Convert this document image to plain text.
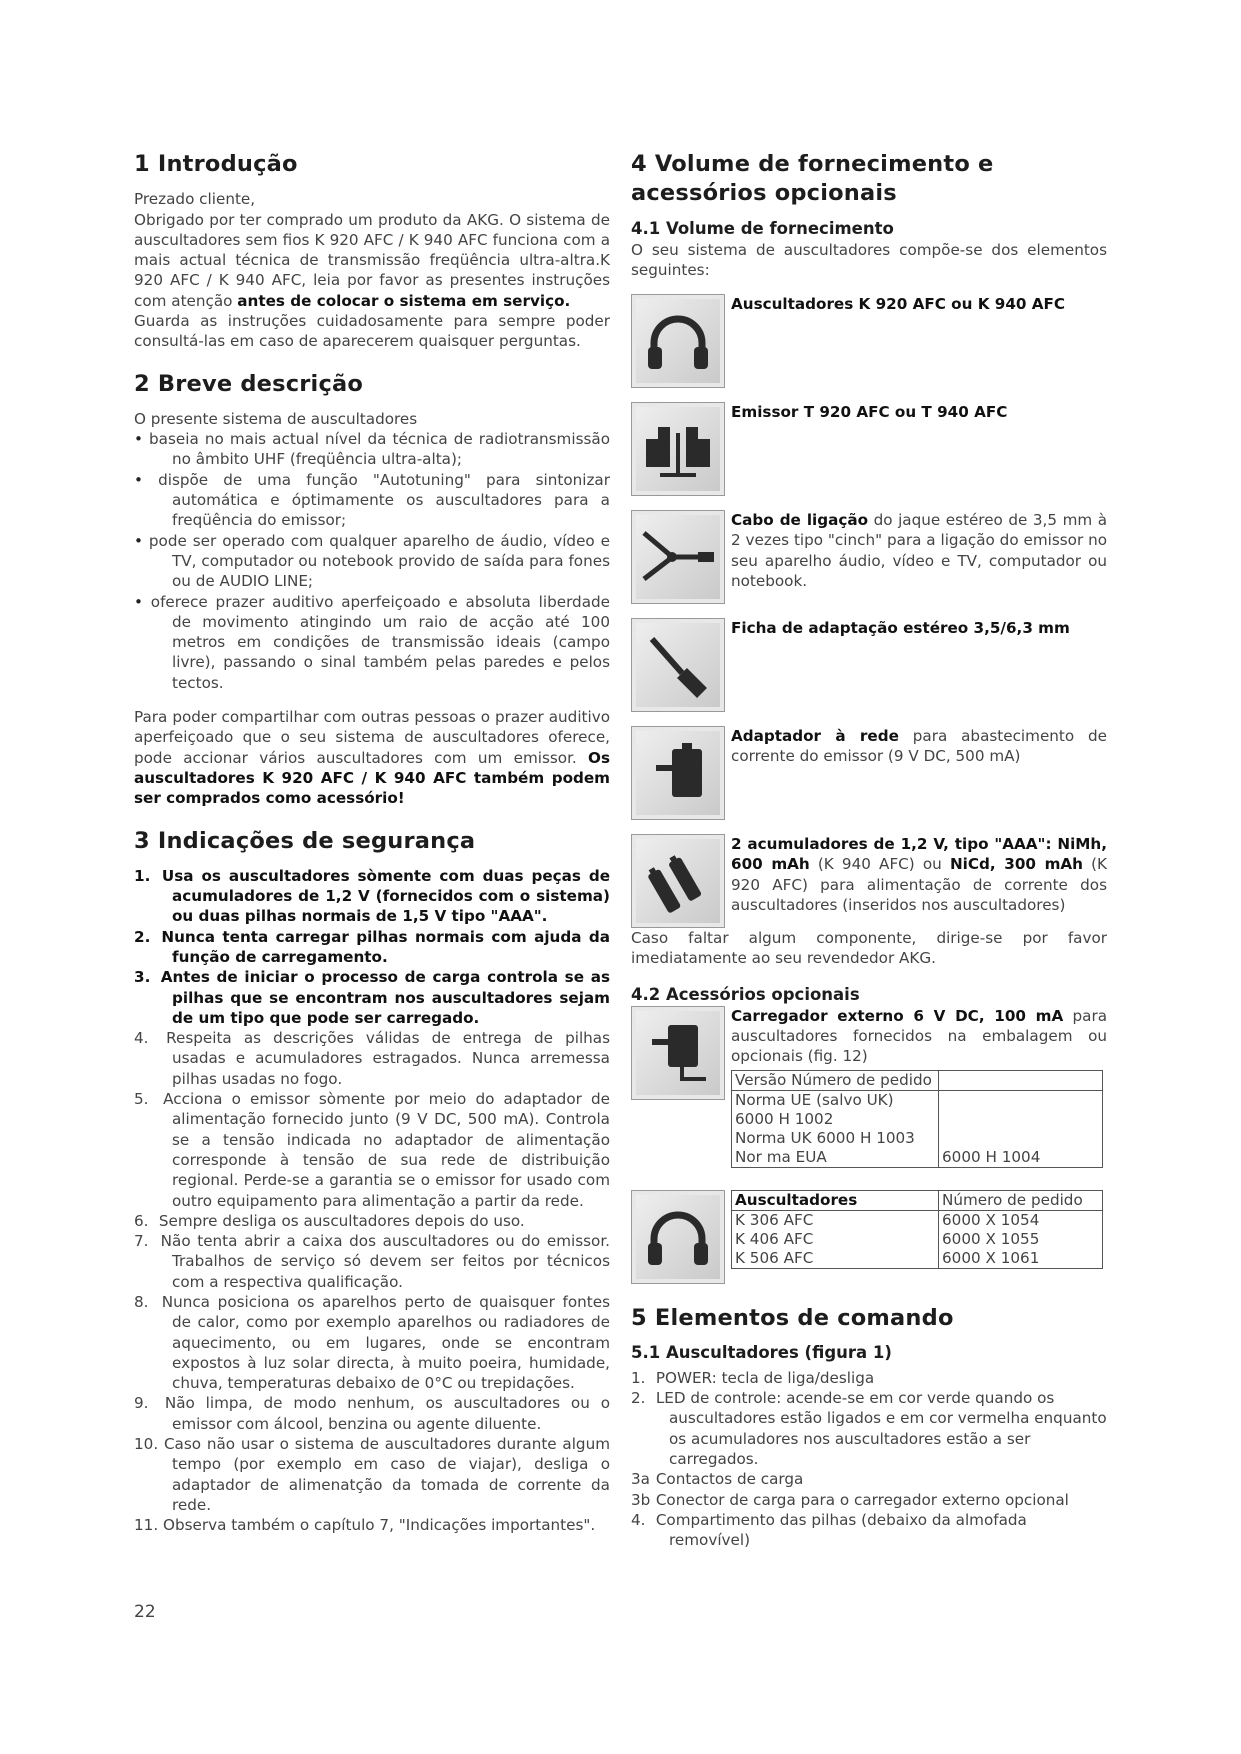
1 Introdução

Prezado cliente,

Obrigado por ter comprado um produto da AKG. O sistema de auscultadores sem fios K 920 AFC / K 940 AFC funciona com a mais actual técnica de transmissão freqüência ultra-altra.K 920 AFC / K 940 AFC, leia por favor as presentes instruções com atenção antes de colocar o sistema em serviço.

Guarda as instruções cuidadosamente para sempre poder consultá-las em caso de aparecerem quaisquer perguntas.

2 Breve descrição

O presente sistema de auscultadores

• baseia no mais actual nível da técnica de radiotransmissão no âmbito UHF (freqüência ultra-alta);
• dispõe de uma função "Autotuning" para sintonizar automática e óptimamente os auscultadores para a freqüência do emissor;
• pode ser operado com qualquer aparelho de áudio, vídeo e TV, computador ou notebook provido de saída para fones ou de AUDIO LINE;
• oferece prazer auditivo aperfeiçoado e absoluta liberdade de movimento atingindo um raio de acção até 100 metros em condições de transmissão ideais (campo livre), passando o sinal também pelas paredes e pelos tectos.

Para poder compartilhar com outras pessoas o prazer auditivo aperfeiçoado que o seu sistema de auscultadores oferece, pode accionar vários auscultadores com um emissor. Os auscultadores K 920 AFC / K 940 AFC também podem ser comprados como acessório!

3 Indicações de segurança
1. Usa os auscultadores sòmente com duas peças de acumuladores de 1,2 V (fornecidos com o sistema) ou duas pilhas normais de 1,5 V tipo "AAA".
2. Nunca tenta carregar pilhas normais com ajuda da função de carregamento.
3. Antes de iniciar o processo de carga controla se as pilhas que se encontram nos auscultadores sejam de um tipo que pode ser carregado.
4. Respeita as descrições válidas de entrega de pilhas usadas e acumuladores estragados. Nunca arremessa pilhas usadas no fogo.
5. Acciona o emissor sòmente por meio do adaptador de alimentação fornecido junto (9 V DC, 500 mA). Controla se a tensão indicada no adaptador de alimentação corresponde à tensão de sua rede de distribuição regional. Perde-se a garantia se o emissor for usado com outro equipamento para alimentação a partir da rede.
6. Sempre desliga os auscultadores depois do uso.
7. Não tenta abrir a caixa dos auscultadores ou do emissor. Trabalhos de serviço só devem ser feitos por técnicos com a respectiva qualificação.
8. Nunca posiciona os aparelhos perto de quaisquer fontes de calor, como por exemplo aparelhos ou radiadores de aquecimento, ou em lugares, onde se encontram expostos à luz solar directa, à muito poeira, humidade, chuva, temperaturas debaixo de 0°C ou trepidações.
9. Não limpa, de modo nenhum, os auscultadores ou o emissor com álcool, benzina ou agente diluente.
10. Caso não usar o sistema de auscultadores durante algum tempo (por exemplo em caso de viajar), desliga o adaptador de alimenatção da tomada de corrente da rede.
11. Observa também o capítulo 7, "Indicações importantes".
4 Volume de fornecimento e acessórios opcionais
4.1 Volume de fornecimento

O seu sistema de auscultadores compõe-se dos elementos seguintes:

Auscultadores K 920 AFC ou K 940 AFC

Emissor T 920 AFC ou T 940 AFC

Cabo de ligação do jaque estéreo de 3,5 mm à 2 vezes tipo "cinch" para a ligação do emissor no seu aparelho áudio, vídeo e TV, computador ou notebook.

Ficha de adaptação estéreo 3,5/6,3 mm

Adaptador à rede para abastecimento de corrente do emissor (9 V DC, 500 mA)

2 acumuladores de 1,2 V, tipo "AAA": NiMh, 600 mAh (K 940 AFC) ou NiCd, 300 mAh (K 920 AFC) para alimentação de corrente dos auscultadores (inseridos nos auscultadores)

Caso faltar algum componente, dirige-se por favor imediatamente ao seu revendedor AKG.

4.2 Acessórios opcionais

Carregador externo 6 V DC, 100 mA para auscultadores fornecidos na embalagem ou opcionais (fig. 12)

Versão Número de pedido	
Norma UE (salvo UK) 6000 H 1002	
Norma UK 6000 H 1003	
Nor ma EUA	6000 H 1004
Auscultadores	Número de pedido
K 306 AFC	6000 X 1054
K 406 AFC	6000 X 1055
K 506 AFC	6000 X 1061
5 Elementos de comando
5.1 Auscultadores (figura 1)
1. POWER: tecla de liga/desliga
2. LED de controle: acende-se em cor verde quando os auscultadores estão ligados e em cor vermelha enquanto os acumuladores nos auscultadores estão a ser carregados.
3a Contactos de carga
3b Conector de carga para o carregador externo opcional
4. Compartimento das pilhas (debaixo da almofada removível)
22
